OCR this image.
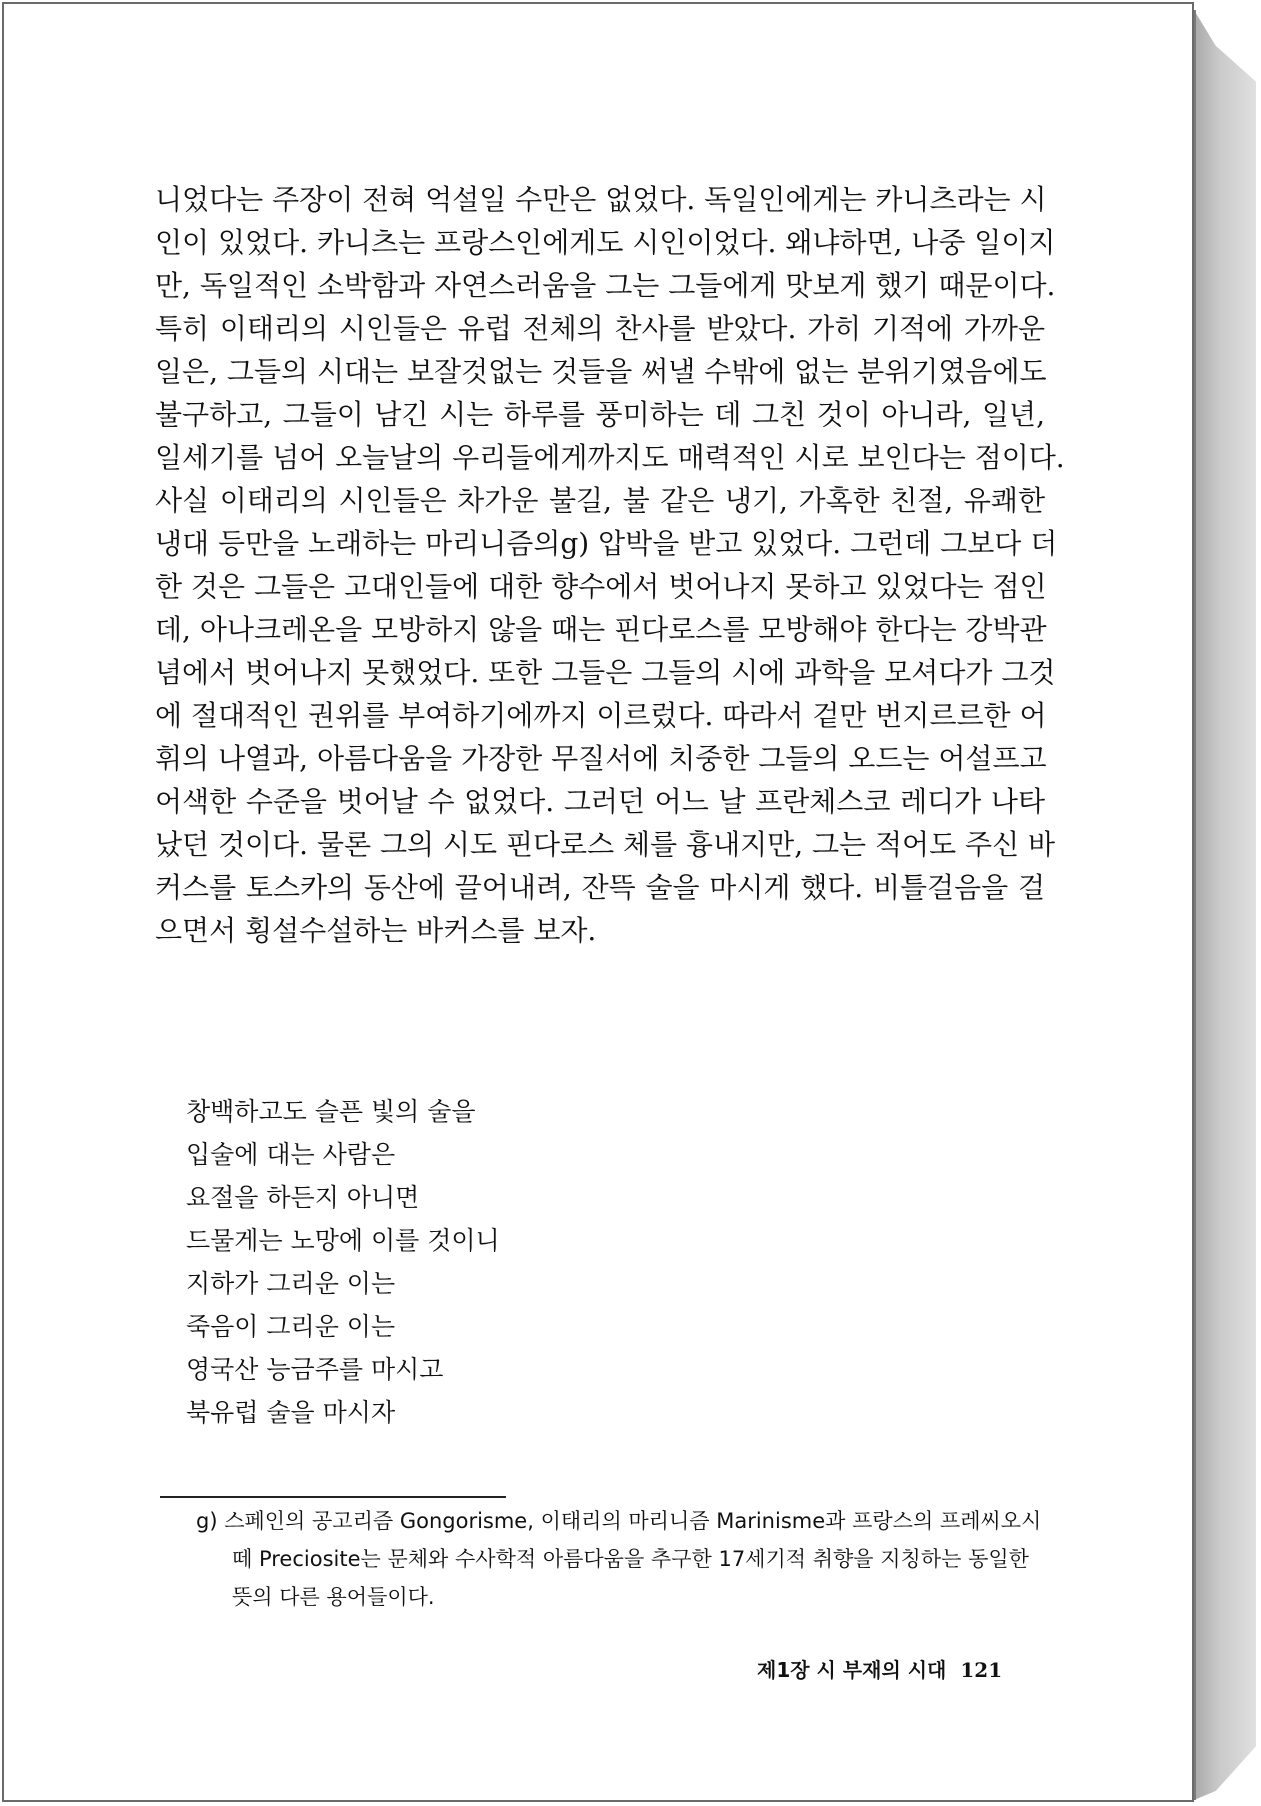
니었다는 주장이 전혀 억설일 수만은 없었다. 독일인에게는 카니츠라는 시
인이 있었다. 카니츠는 프랑스인에게도 시인이었다. 왜냐하면, 나중 일이지
만, 독일적인 소박함과 자연스러움을 그는 그들에게 맛보게 했기 때문이다.
특히 이태리의 시인들은 유럽 전체의 찬사를 받았다. 가히 기적에 가까운
일은, 그들의 시대는 보잘것없는 것들을 써낼 수밖에 없는 분위기였음에도
불구하고, 그들이 남긴 시는 하루를 풍미하는 데 그친 것이 아니라, 일년,
일세기를 넘어 오늘날의 우리들에게까지도 매력적인 시로 보인다는 점이다.
사실 이태리의 시인들은 차가운 불길, 불 같은 냉기, 가혹한 친절, 유쾌한
냉대 등만을 노래하는 마리니즘의g) 압박을 받고 있었다. 그런데 그보다 더
한 것은 그들은 고대인들에 대한 향수에서 벗어나지 못하고 있었다는 점인
데, 아나크레온을 모방하지 않을 때는 핀다로스를 모방해야 한다는 강박관
념에서 벗어나지 못했었다. 또한 그들은 그들의 시에 과학을 모셔다가 그것
에 절대적인 권위를 부여하기에까지 이르렀다. 따라서 겉만 번지르르한 어
휘의 나열과, 아름다움을 가장한 무질서에 치중한 그들의 오드는 어설프고
어색한 수준을 벗어날 수 없었다. 그러던 어느 날 프란체스코 레디가 나타
났던 것이다. 물론 그의 시도 핀다로스 체를 흉내지만, 그는 적어도 주신 바
커스를 토스카의 동산에 끌어내려, 잔뜩 술을 마시게 했다. 비틀걸음을 걸
으면서 횡설수설하는 바커스를 보자.

창백하고도 슬픈 빛의 술을
입술에 대는 사람은
요절을 하든지 아니면
드물게는 노망에 이를 것이니
지하가 그리운 이는
죽음이 그리운 이는
영국산 능금주를 마시고
북유럽 술을 마시자
g) 스페인의 공고리즘 Gongorisme, 이태리의 마리니즘 Marinisme과 프랑스의 프레씨오시
떼 Preciosite는 문체와 수사학적 아름다움을 추구한 17세기적 취향을 지칭하는 동일한
뜻의 다른 용어들이다.
제1장 시 부재의 시대 121
